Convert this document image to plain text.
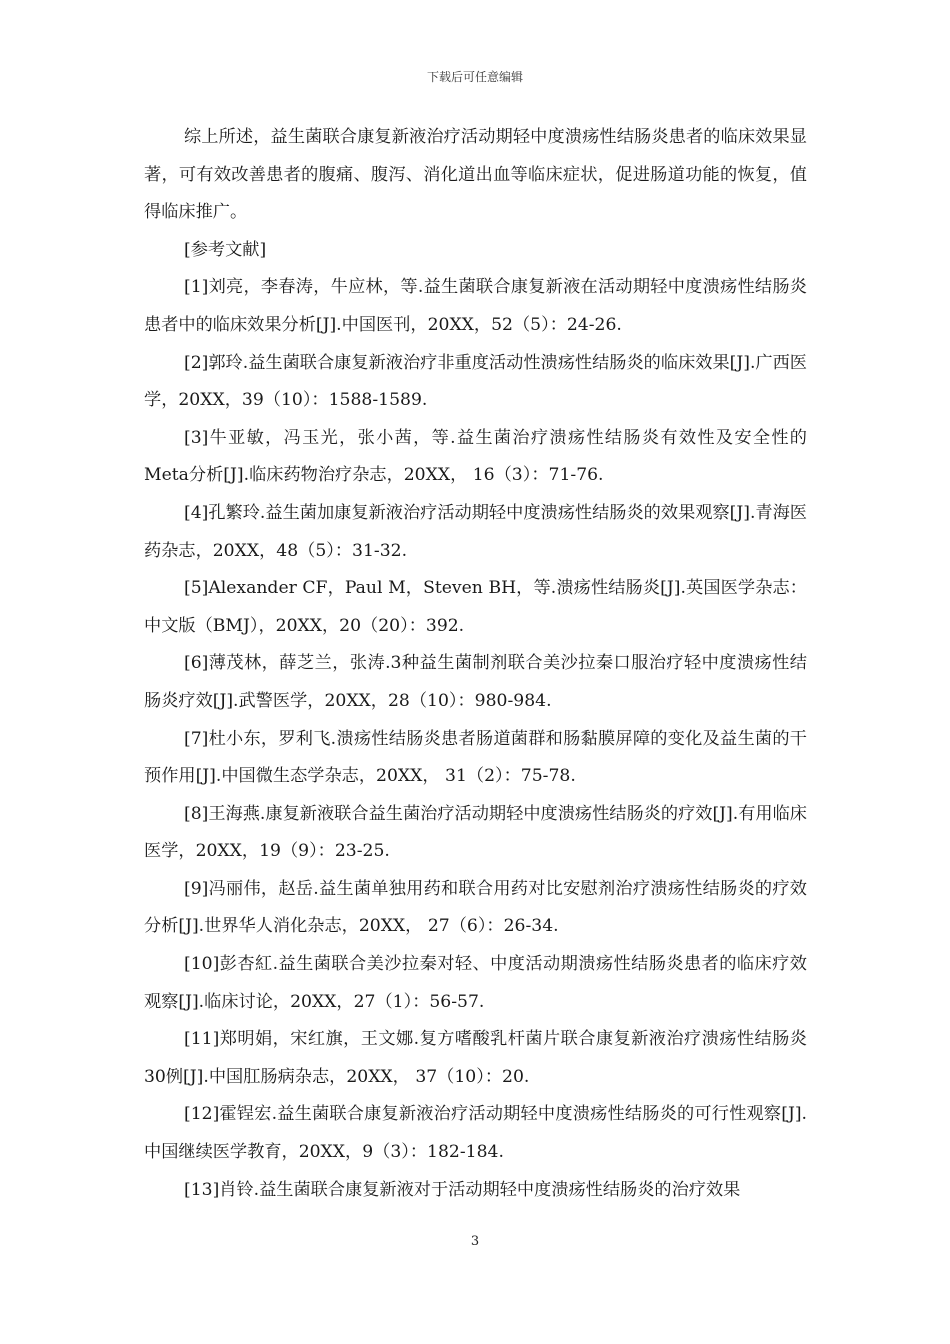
下载后可任意编辑

综上所述，益生菌联合康复新液治疗活动期轻中度溃疡性结肠炎患者的临床效果显著，可有效改善患者的腹痛、腹泻、消化道出血等临床症状，促进肠道功能的恢复，值得临床推广。

[参考文献]

[1]刘亮，李春涛，牛应林，等.益生菌联合康复新液在活动期轻中度溃疡性结肠炎患者中的临床效果分析[J].中国医刊，20XX，52（5）：24-26.

[2]郭玲.益生菌联合康复新液治疗非重度活动性溃疡性结肠炎的临床效果[J].广西医学，20XX，39（10）：1588-1589.

[3]牛亚敏，冯玉光，张小茜，等.益生菌治疗溃疡性结肠炎有效性及安全性的Meta分析[J].临床药物治疗杂志，20XX， 16（3）：71-76.

[4]孔繁玲.益生菌加康复新液治疗活动期轻中度溃疡性结肠炎的效果观察[J].青海医药杂志，20XX，48（5）：31-32.

[5]Alexander CF，Paul M，Steven BH，等.溃疡性结肠炎[J].英国医学杂志：中文版（BMJ），20XX，20（20）：392.

[6]薄茂林，薛芝兰，张涛.3种益生菌制剂联合美沙拉秦口服治疗轻中度溃疡性结肠炎疗效[J].武警医学，20XX，28（10）：980-984.

[7]杜小东，罗利飞.溃疡性结肠炎患者肠道菌群和肠黏膜屏障的变化及益生菌的干预作用[J].中国微生态学杂志，20XX， 31（2）：75-78.

[8]王海燕.康复新液联合益生菌治疗活动期轻中度溃疡性结肠炎的疗效[J].有用临床医学，20XX，19（9）：23-25.

[9]冯丽伟，赵岳.益生菌单独用药和联合用药对比安慰剂治疗溃疡性结肠炎的疗效分析[J].世界华人消化杂志，20XX， 27（6）：26-34.

[10]彭杏紅.益生菌联合美沙拉秦对轻、中度活动期溃疡性结肠炎患者的临床疗效观察[J].临床讨论，20XX，27（1）：56-57.

[11]郑明娟，宋红旗，王文娜.复方嗜酸乳杆菌片联合康复新液治疗溃疡性结肠炎30例[J].中国肛肠病杂志，20XX， 37（10）：20.

[12]霍锃宏.益生菌联合康复新液治疗活动期轻中度溃疡性结肠炎的可行性观察[J].中国继续医学教育，20XX，9（3）：182-184.

[13]肖铃.益生菌联合康复新液对于活动期轻中度溃疡性结肠炎的治疗效果

3
